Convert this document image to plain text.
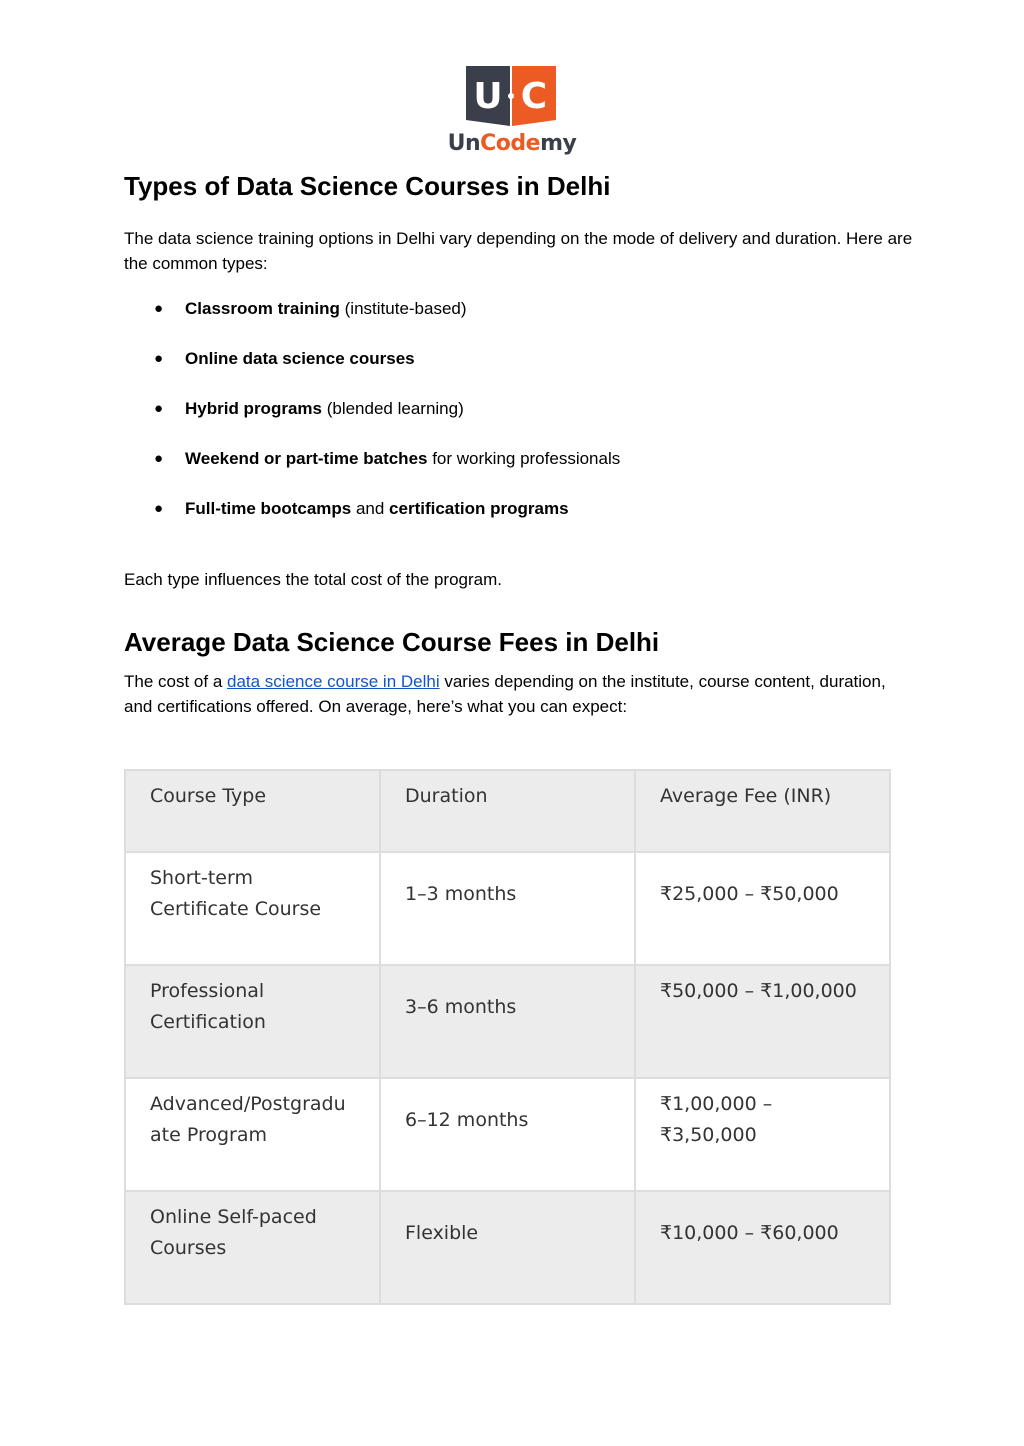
U C
UnCodemy
Types of Data Science Courses in Delhi

The data science training options in Delhi vary depending on the mode of delivery and duration. Here are the common types:

● Classroom training (institute-based)
● Online data science courses
● Hybrid programs (blended learning)
● Weekend or part-time batches for working professionals
● Full-time bootcamps and certification programs

Each type influences the total cost of the program.

Average Data Science Course Fees in Delhi

The cost of a data science course in Delhi varies depending on the institute, course content, duration, and certifications offered. On average, here’s what you can expect:

Course Type	Duration	Average Fee (INR)
Short-term Certificate Course	1–3 months	₹25,000 – ₹50,000
Professional Certification	3–6 months	₹50,000 – ₹1,00,000
Advanced/Postgraduate Program	6–12 months	₹1,00,000 – ₹3,50,000
Online Self-paced Courses	Flexible	₹10,000 – ₹60,000
